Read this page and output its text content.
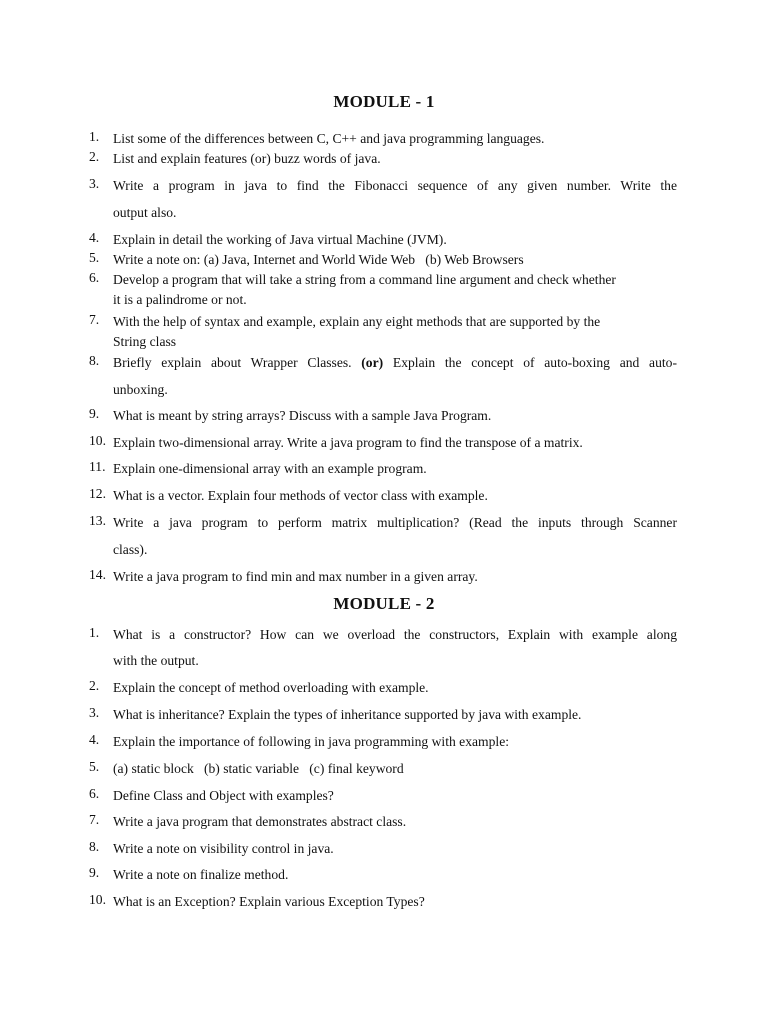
MODULE - 1
1.	List some of the differences between C, C++ and java programming languages.
2.	List and explain features (or) buzz words of java.
3.	Write a program in java to find the Fibonacci sequence of any given number. Write the
output also.
4.	Explain in detail the working of Java virtual Machine (JVM).
5.	Write a note on: (a) Java, Internet and World Wide Web   (b) Web Browsers
6.	Develop a program that will take a string from a command line argument and check whether
it is a palindrome or not.
7.	With the help of syntax and example, explain any eight methods that are supported by the
String class
8.	Briefly explain about Wrapper Classes. (or) Explain the concept of auto-boxing and auto-
unboxing.
9.	What is meant by string arrays? Discuss with a sample Java Program.
10. Explain two-dimensional array. Write a java program to find the transpose of a matrix.
11. Explain one-dimensional array with an example program.
12. What is a vector. Explain four methods of vector class with example.
13. Write a java program to perform matrix multiplication? (Read the inputs through Scanner
class).
14. Write a java program to find min and max number in a given array.
MODULE - 2
1.	What is a constructor? How can we overload the constructors, Explain with example along
with the output.
2.	Explain the concept of method overloading with example.
3.	What is inheritance? Explain the types of inheritance supported by java with example.
4.	Explain the importance of following in java programming with example:
5.	(a) static block   (b) static variable   (c) final keyword
6.	Define Class and Object with examples?
7.	Write a java program that demonstrates abstract class.
8.	Write a note on visibility control in java.
9.	Write a note on finalize method.
10. What is an Exception? Explain various Exception Types?
